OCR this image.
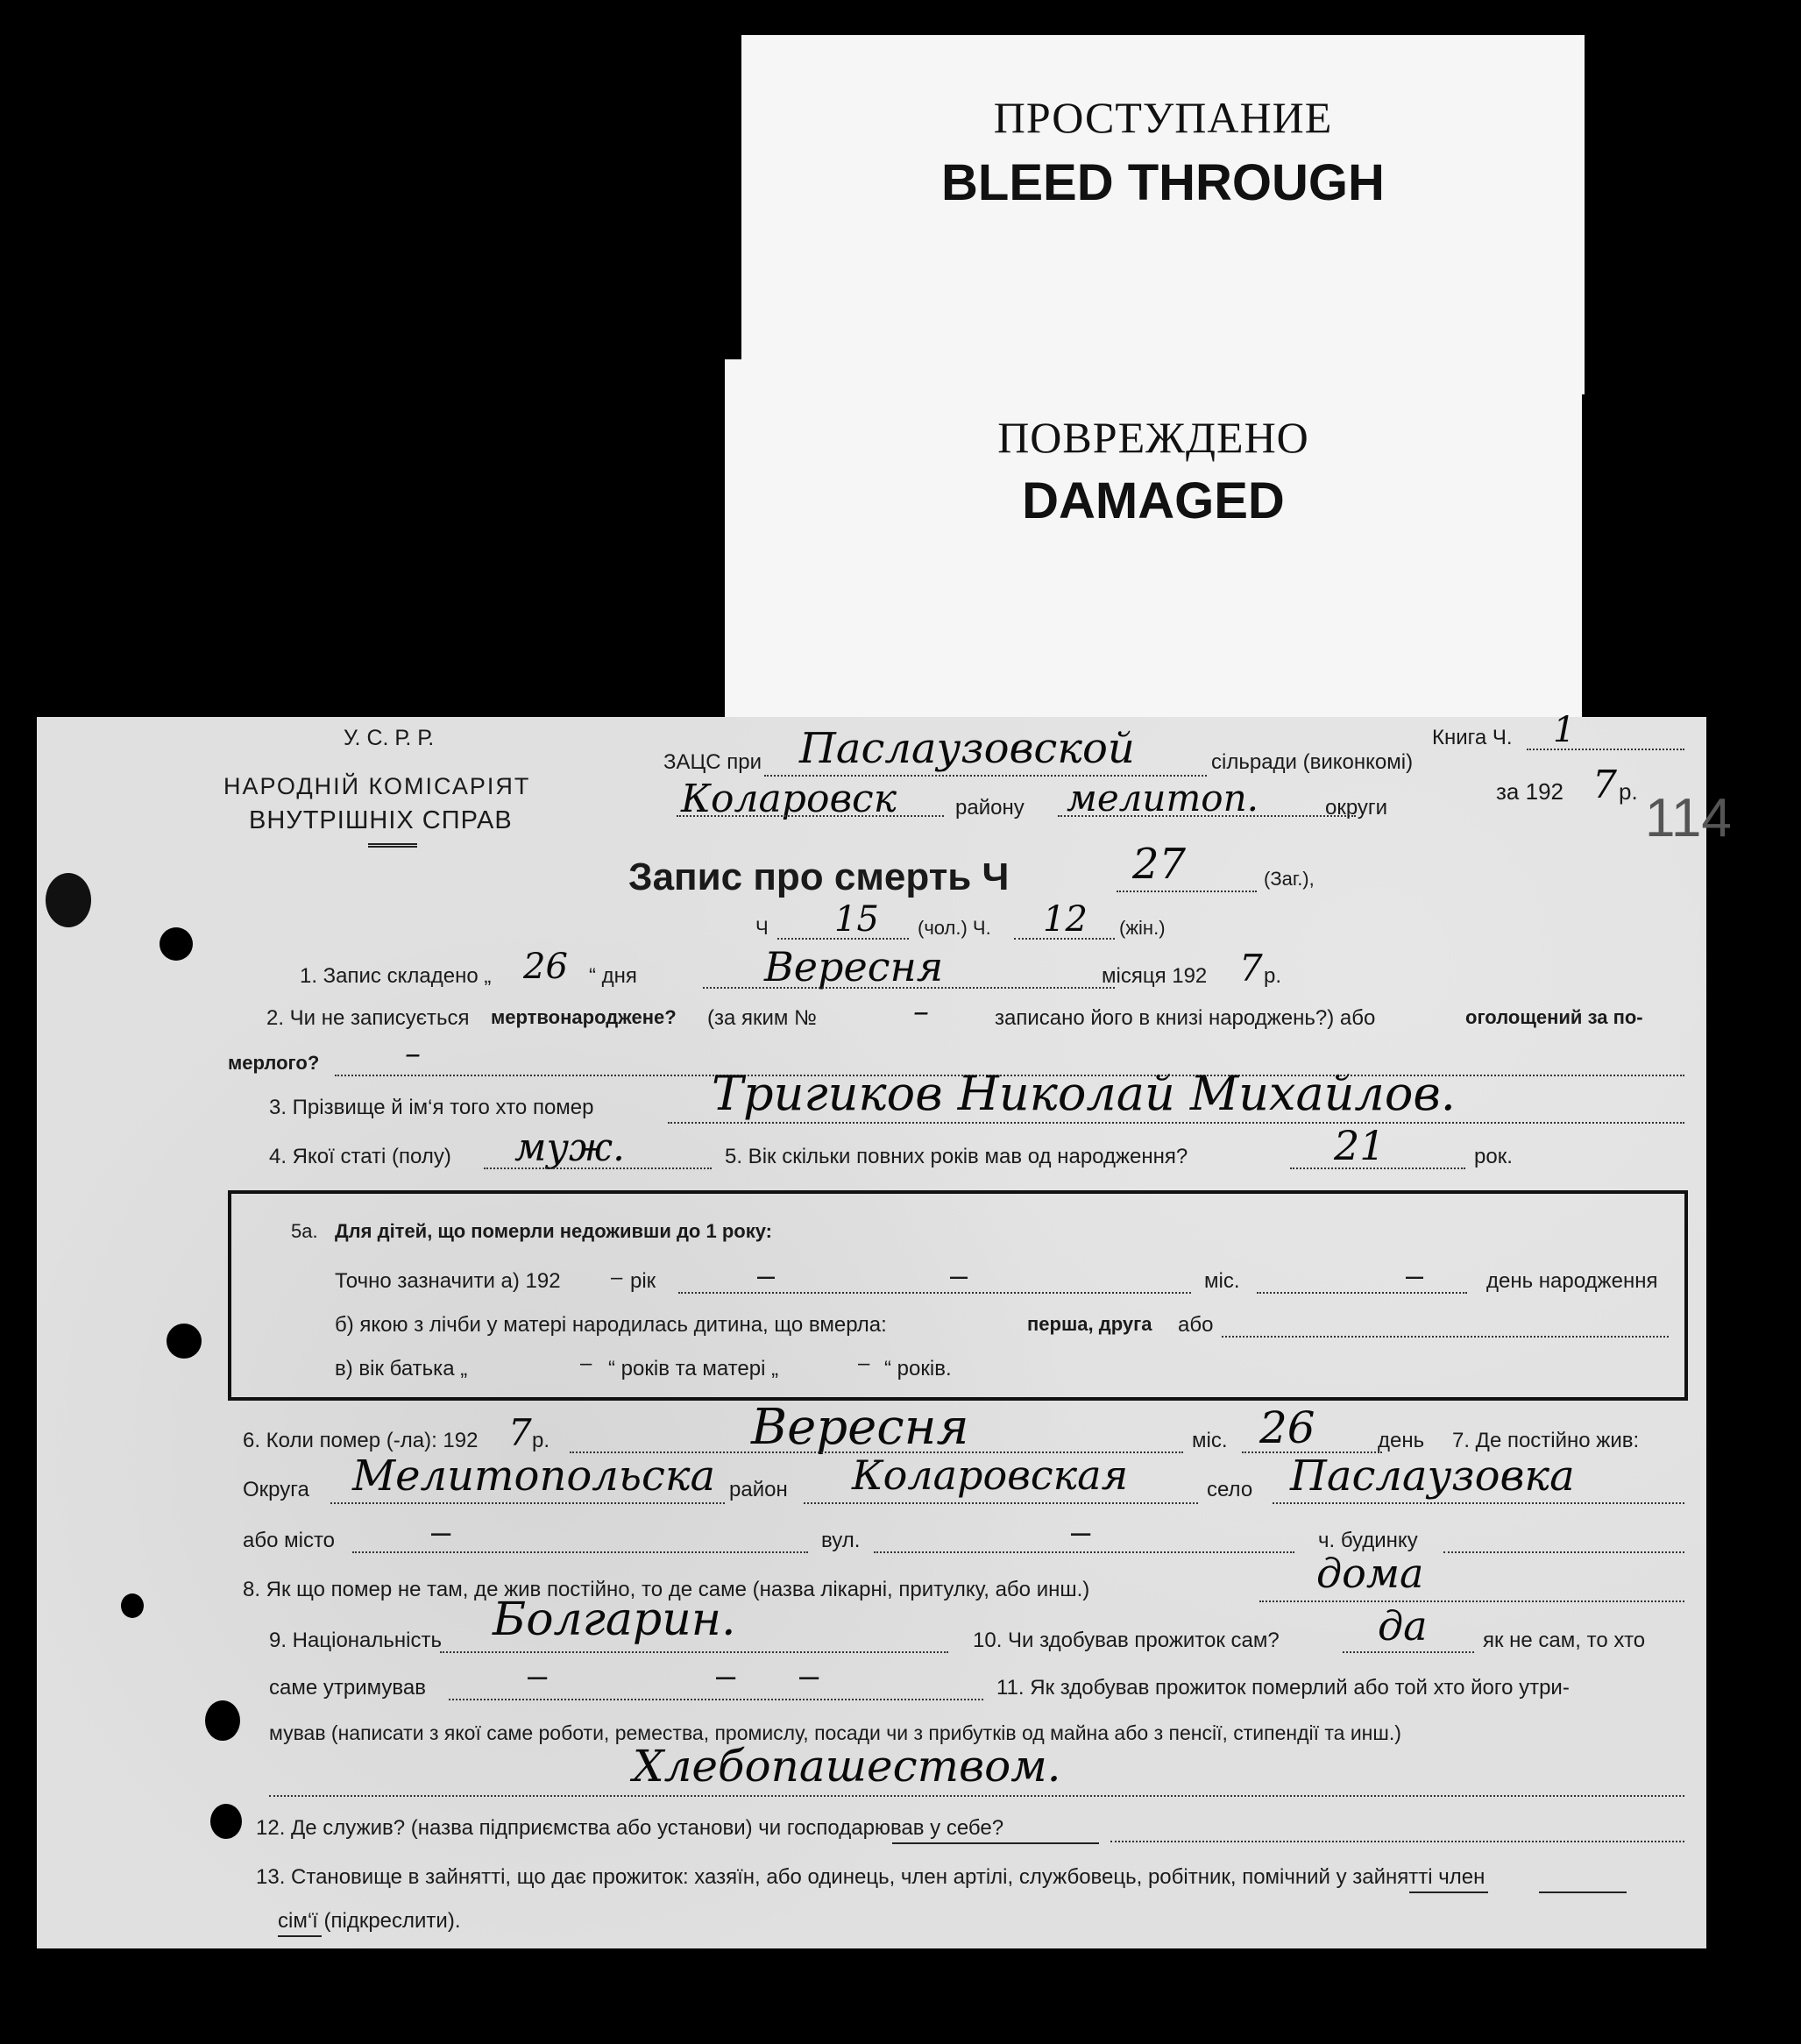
ПРОСТУПАНИЕ
BLEED THROUGH
ПОВРЕЖДЕНО
DAMAGED
114
У. С. Р. Р.
НАРОДНІЙ КОМІСАРІЯТ
ВНУТРІШНІХ СПРАВ
ЗАЦС при Паслаузовской	сільради (виконкомі)
Книга Ч. 1
Коларовск	району мелитоп.	округи
за 192 7 р.
Запис про смерть Ч	27	(Заг.),
Ч 15 (чол.) Ч. 12 (жін.)
1. Запис складено „ 26 “ дня	Вересня	місяця 192 7 р.
2. Чи не записується мертвонароджене? (за яким №	–	записано його в книзі народжень?) або	оголощений за по-
мерлого?	–
3. Прізвище й ім‘я того хто помер Тригиков Николай Михайлов.
4. Якої статі (полу) муж.	5. Вік скільки повних років мав од народження?	21	рок.
5а. Для дітей, що померли недоживши до 1 року:
Точно зазначити а) 192 – рік	–	–	міс.	–	день народження
б) якою з лічби у матері народилась дитина, що вмерла:	перша, друга або
в) вік батька „	– “ років та матері „	– “ років.
6. Коли помер (-ла): 192 7 р.	Вересня	міс. 26	день 7. Де постійно жив:
Округа Мелитопольска район Коларовская	село Паслаузовка
або місто	–	вул.	–	ч. будинку
8. Як що помер не там, де жив постійно, то де саме (назва лікарні, притулку, або инш.)	дома
9. Національність Болгарин.	10. Чи здобував прожиток сам? да	як не сам, то хто
саме утримував	–	– –	11. Як здобував прожиток померлий або той хто його утри-
мував (написати з якої саме роботи, ремества, промислу, посади чи з прибутків од майна або з пенсії, стипендії та инш.)
Хлебопашеством.
12. Де служив? (назва підприємства або установи) чи господарював у себе?
13. Становище в зайнятті, що дає прожиток: хазяїн, або одинець, член артілі, службовець, робітник, помічний у зайнятті член
сім‘ї (підкреслити).
